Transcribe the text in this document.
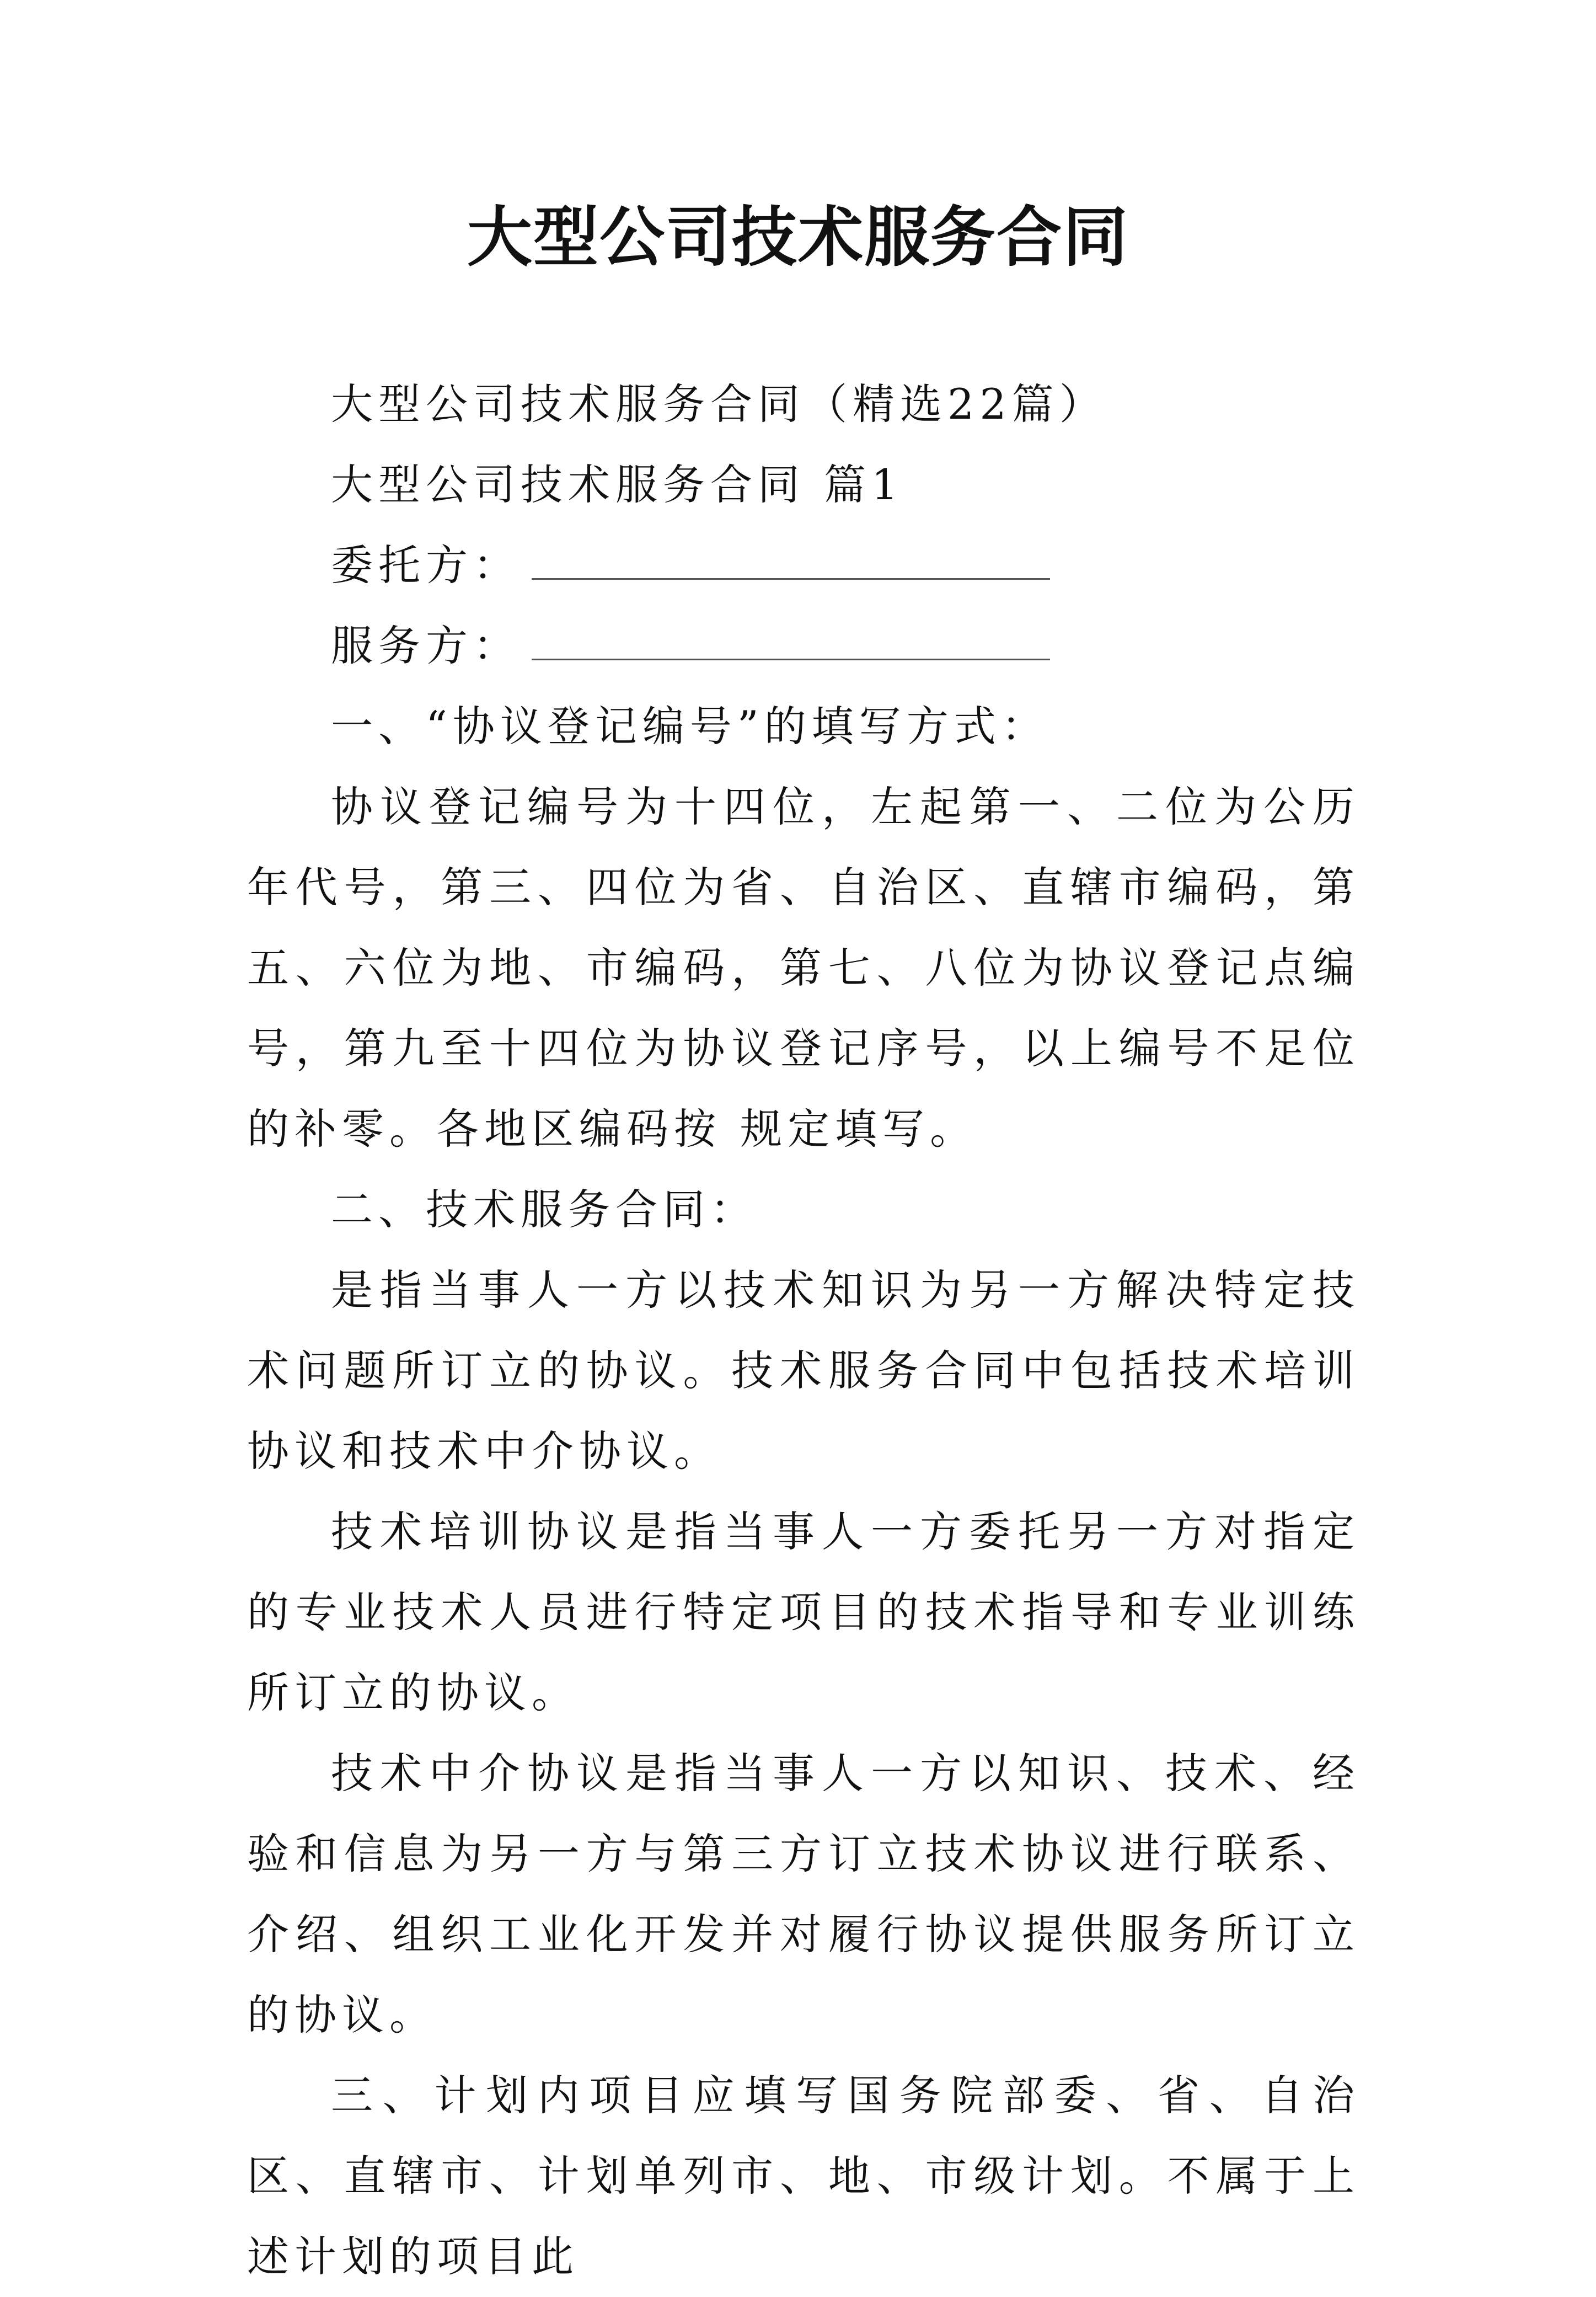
大型公司技术服务合同

大型公司技术服务合同（精选22篇）

大型公司技术服务合同 篇1

委托方：

服务方：

一、“协议登记编号”的填写方式：

协议登记编号为十四位，左起第一、二位为公历年代号，第三、四位为省、自治区、直辖市编码，第五、六位为地、市编码，第七、八位为协议登记点编号，第九至十四位为协议登记序号，以上编号不足位的补零。各地区编码按 规定填写。

二、技术服务合同：

是指当事人一方以技术知识为另一方解决特定技术问题所订立的协议。技术服务合同中包括技术培训协议和技术中介协议。

技术培训协议是指当事人一方委托另一方对指定的专业技术人员进行特定项目的技术指导和专业训练所订立的协议。

技术中介协议是指当事人一方以知识、技术、经验和信息为另一方与第三方订立技术协议进行联系、介绍、组织工业化开发并对履行协议提供服务所订立的协议。

三、计划内项目应填写国务院部委、省、自治区、直辖市、计划单列市、地、市级计划。不属于上述计划的项目此
